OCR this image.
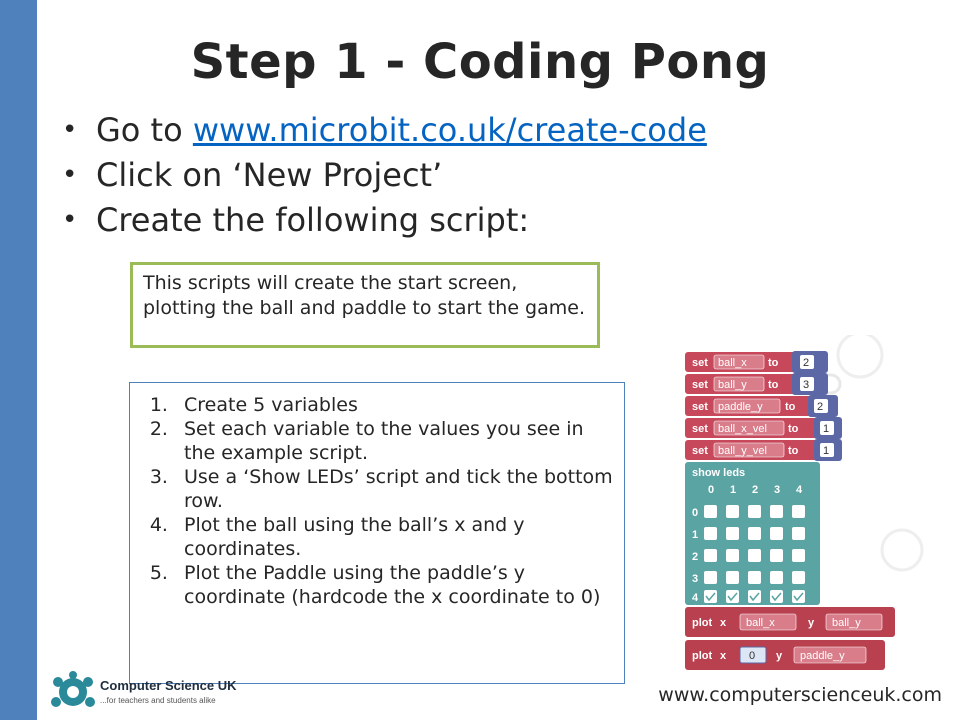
Step 1 - Coding Pong
• Go to www.microbit.co.uk/create-code
• Click on ‘New Project’
• Create the following script:
This scripts will create the start screen, plotting the ball and paddle to start the game.
1. Create 5 variables
2. Set each variable to the values you see in the example script.
3. Use a ‘Show LEDs’ script and tick the bottom row.
4. Plot the ball using the ball’s x and y coordinates.
5. Plot the Paddle using the paddle’s y coordinate (hardcode the x coordinate to 0)
set ball_x to 2
set ball_y to 3
set paddle_y to 2
set ball_x_vel to 1
set ball_y_vel to 1
show leds
0 1 2 3 4
0
1
2
3
4
plot x ball_x	y ball_y
plot x 0 y paddle_y
Computer Science UK
...for teachers and students alike	www.computerscienceuk.com
